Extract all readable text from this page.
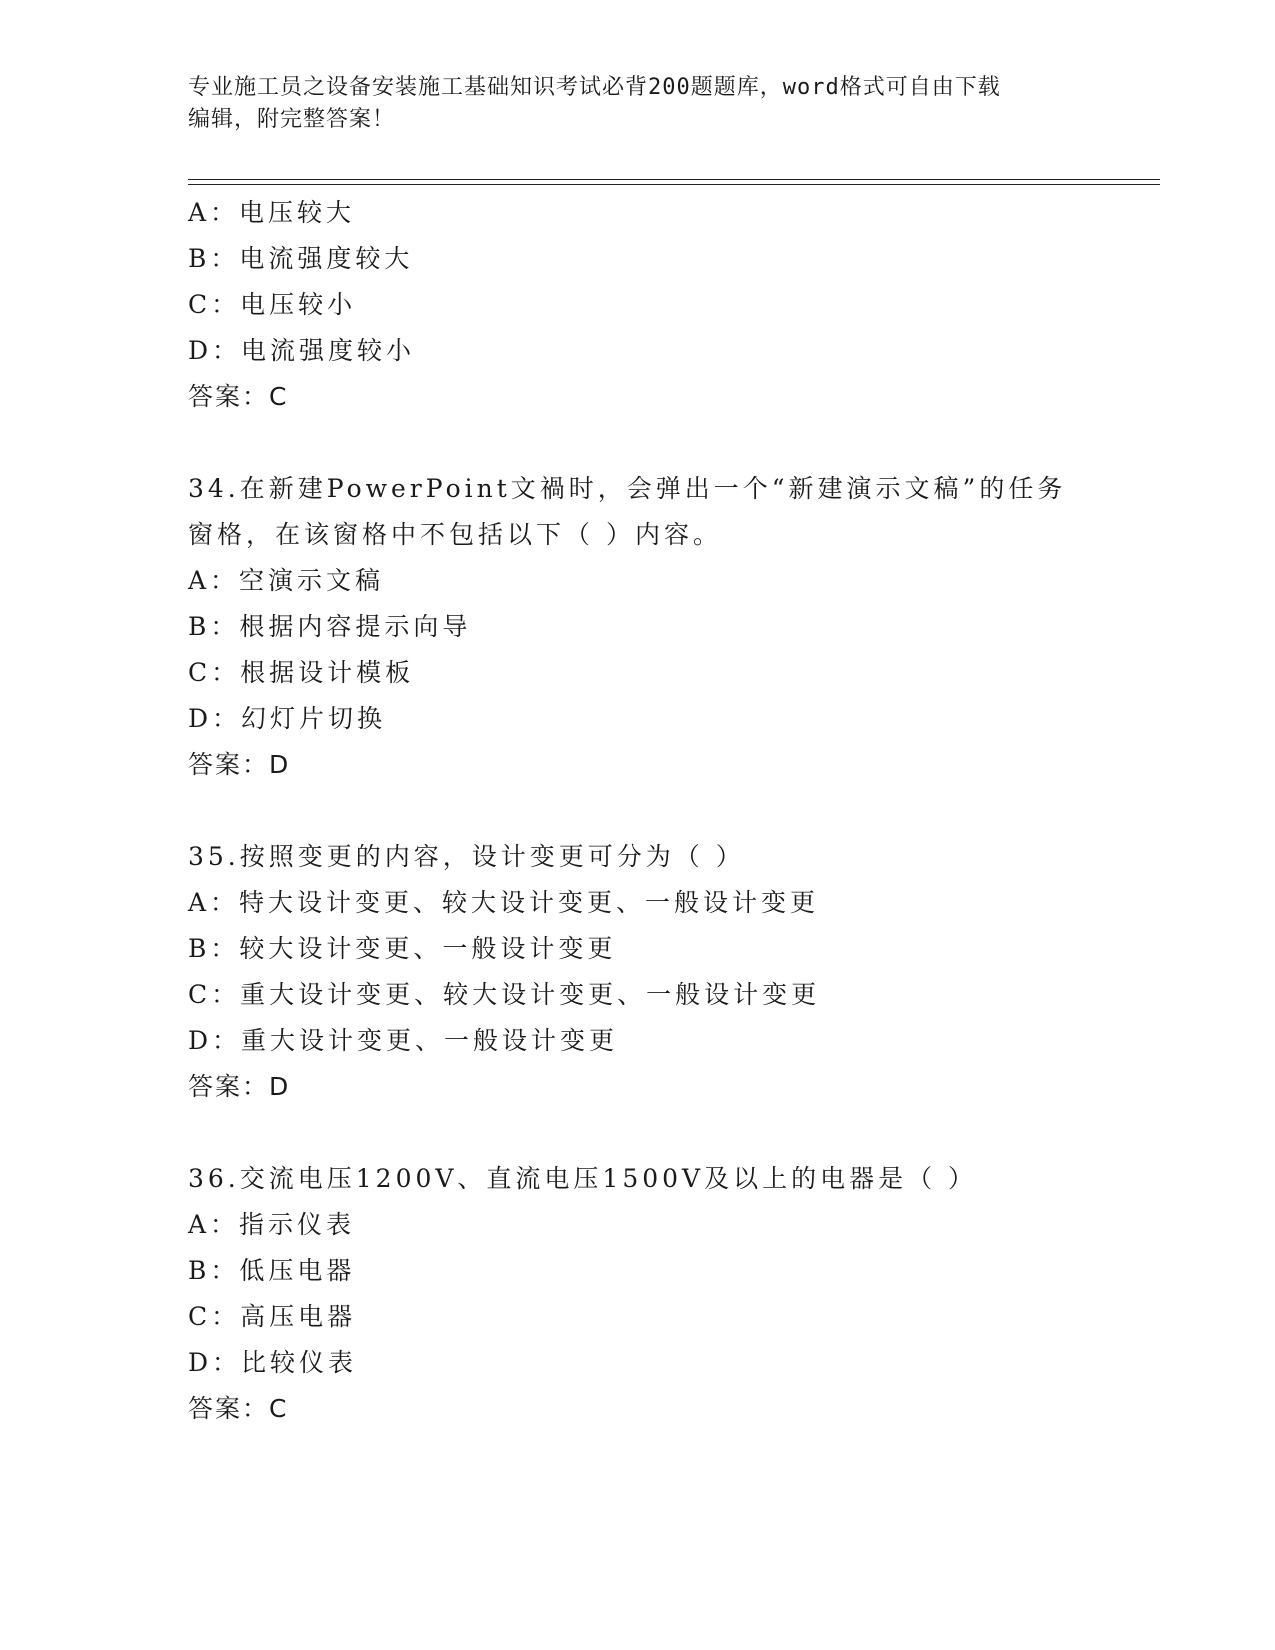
专业施工员之设备安装施工基础知识考试必背200题题库，word格式可自由下载
编辑，附完整答案！
A：电压较大
B：电流强度较大
C：电压较小
D：电流强度较小
答案：C
34.在新建PowerPoint文禍时，会弹出一个“新建演示文稿”的任务
窗格，在该窗格中不包括以下（ ）内容。
A：空演示文稿
B：根据内容提示向导
C：根据设计模板
D：幻灯片切换
答案：D
35.按照变更的内容，设计变更可分为（ ）
A：特大设计变更、较大设计变更、一般设计变更
B：较大设计变更、一般设计变更
C：重大设计变更、较大设计变更、一般设计变更
D：重大设计变更、一般设计变更
答案：D
36.交流电压1200V、直流电压1500V及以上的电器是（ ）
A：指示仪表
B：低压电器
C：高压电器
D：比较仪表
答案：C
